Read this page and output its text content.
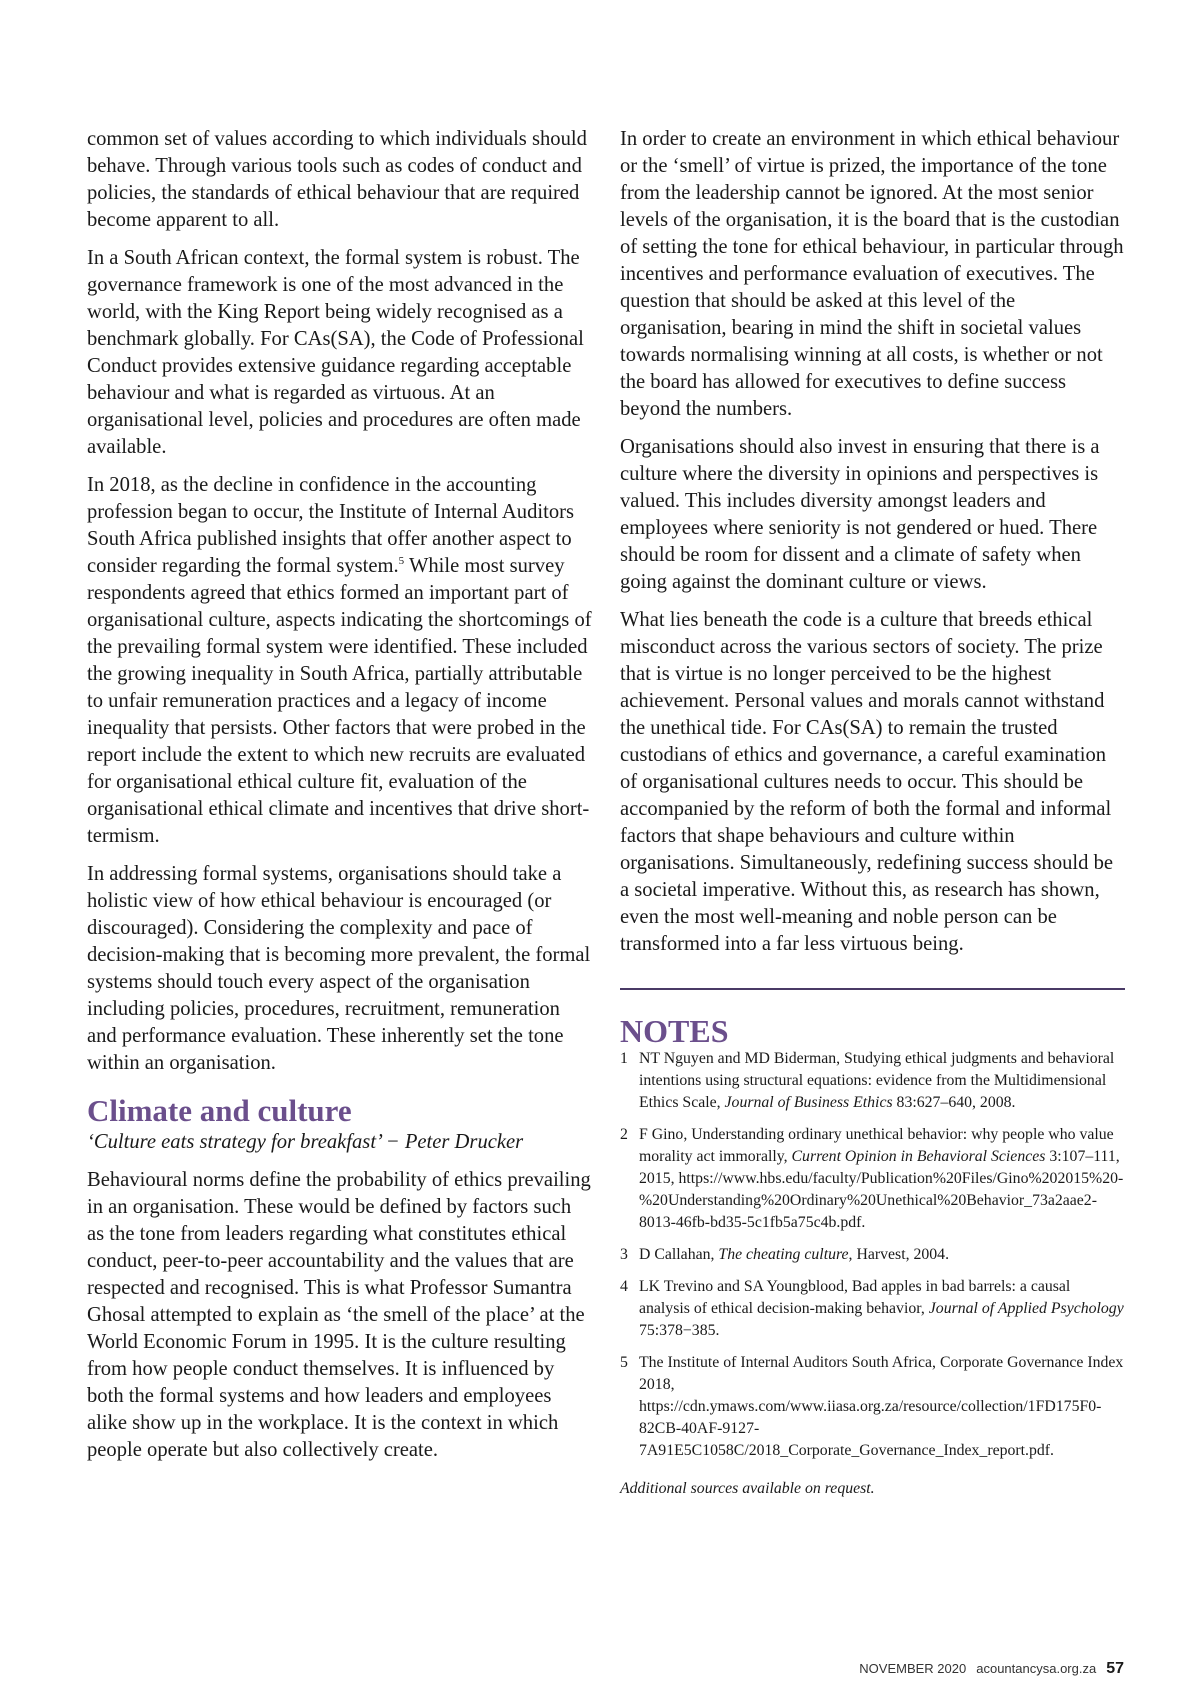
common set of values according to which individuals should behave. Through various tools such as codes of conduct and policies, the standards of ethical behaviour that are required become apparent to all.

In a South African context, the formal system is robust. The governance framework is one of the most advanced in the world, with the King Report being widely recognised as a benchmark globally. For CAs(SA), the Code of Professional Conduct provides extensive guidance regarding acceptable behaviour and what is regarded as virtuous. At an organisational level, policies and procedures are often made available.

In 2018, as the decline in confidence in the accounting profession began to occur, the Institute of Internal Auditors South Africa published insights that offer another aspect to consider regarding the formal system.$^5$ While most survey respondents agreed that ethics formed an important part of organisational culture, aspects indicating the shortcomings of the prevailing formal system were identified. These included the growing inequality in South Africa, partially attributable to unfair remuneration practices and a legacy of income inequality that persists. Other factors that were probed in the report include the extent to which new recruits are evaluated for organisational ethical culture fit, evaluation of the organisational ethical climate and incentives that drive short-termism.

In addressing formal systems, organisations should take a holistic view of how ethical behaviour is encouraged (or discouraged). Considering the complexity and pace of decision-making that is becoming more prevalent, the formal systems should touch every aspect of the organisation including policies, procedures, recruitment, remuneration and performance evaluation. These inherently set the tone within an organisation.

Climate and culture

‘Culture eats strategy for breakfast’ − Peter Drucker

Behavioural norms define the probability of ethics prevailing in an organisation. These would be defined by factors such as the tone from leaders regarding what constitutes ethical conduct, peer-to-peer accountability and the values that are respected and recognised. This is what Professor Sumantra Ghosal attempted to explain as ‘the smell of the place’ at the World Economic Forum in 1995. It is the culture resulting from how people conduct themselves. It is influenced by both the formal systems and how leaders and employees alike show up in the workplace. It is the context in which people operate but also collectively create.

In order to create an environment in which ethical behaviour or the ‘smell’ of virtue is prized, the importance of the tone from the leadership cannot be ignored. At the most senior levels of the organisation, it is the board that is the custodian of setting the tone for ethical behaviour, in particular through incentives and performance evaluation of executives. The question that should be asked at this level of the organisation, bearing in mind the shift in societal values towards normalising winning at all costs, is whether or not the board has allowed for executives to define success beyond the numbers.

Organisations should also invest in ensuring that there is a culture where the diversity in opinions and perspectives is valued. This includes diversity amongst leaders and employees where seniority is not gendered or hued. There should be room for dissent and a climate of safety when going against the dominant culture or views.

What lies beneath the code is a culture that breeds ethical misconduct across the various sectors of society. The prize that is virtue is no longer perceived to be the highest achievement. Personal values and morals cannot withstand the unethical tide. For CAs(SA) to remain the trusted custodians of ethics and governance, a careful examination of organisational cultures needs to occur. This should be accompanied by the reform of both the formal and informal factors that shape behaviours and culture within organisations. Simultaneously, redefining success should be a societal imperative. Without this, as research has shown, even the most well-meaning and noble person can be transformed into a far less virtuous being.

NOTES
1 NT Nguyen and MD Biderman, Studying ethical judgments and behavioral intentions using structural equations: evidence from the Multidimensional Ethics Scale, Journal of Business Ethics 83:627–640, 2008.
2 F Gino, Understanding ordinary unethical behavior: why people who value morality act immorally, Current Opinion in Behavioral Sciences 3:107–111, 2015, https://www.hbs.edu/faculty/Publication%20Files/Gino%202015%20-%20Understanding%20Ordinary%20Unethical%20Behavior_73a2aae2-8013-46fb-bd35-5c1fb5a75c4b.pdf.
3 D Callahan, The cheating culture, Harvest, 2004.
4 LK Trevino and SA Youngblood, Bad apples in bad barrels: a causal analysis of ethical decision-making behavior, Journal of Applied Psychology 75:378−385.
5 The Institute of Internal Auditors South Africa, Corporate Governance Index 2018, https://cdn.ymaws.com/www.iiasa.org.za/resource/collection/1FD175F0-82CB-40AF-9127-7A91E5C1058C/2018_Corporate_Governance_Index_report.pdf.
Additional sources available on request.
NOVEMBER 2020 acountancysa.org.za 57
